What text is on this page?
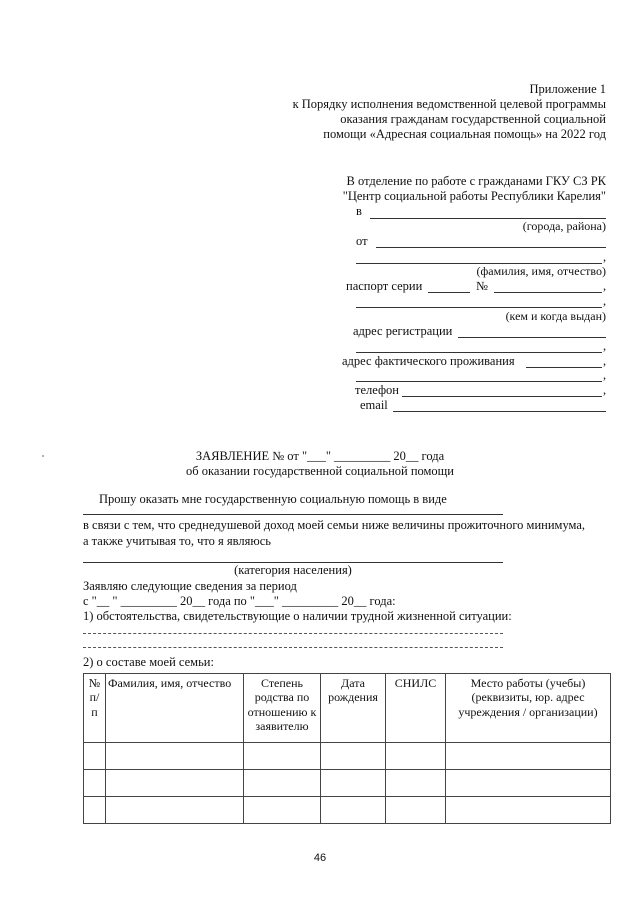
Приложение 1
к Порядку исполнения ведомственной целевой программы
оказания гражданам государственной социальной
помощи «Адресная социальная помощь» на 2022 год
В отделение по работе с гражданами ГКУ СЗ РК
"Центр социальной работы Республики Карелия"
в
(города, района)
от
,
(фамилия, имя, отчество)
паспорт серии	№	,
,
(кем и когда выдан)
адрес регистрации
,
адрес фактического проживания	,
,
телефон	,
email
ЗАЯВЛЕНИЕ № от "___" _________ 20__ года
об оказании государственной социальной помощи
Прошу оказать мне государственную социальную помощь в виде
в связи с тем, что среднедушевой доход моей семьи ниже величины прожиточного минимума,
а также учитывая то, что я являюсь
(категория населения)
Заявляю следующие сведения за период
с "__ " _________ 20__ года по "___" _________ 20__ года:
1) обстоятельства, свидетельствующие о наличии трудной жизненной ситуации:
2) о составе моей семьи:
№ п/ п	Фамилия, имя, отчество	Степень родства по отношению к заявителю	Дата рождения	СНИЛС	Место работы (учебы) (реквизиты, юр. адрес учреждения / организации)

46
